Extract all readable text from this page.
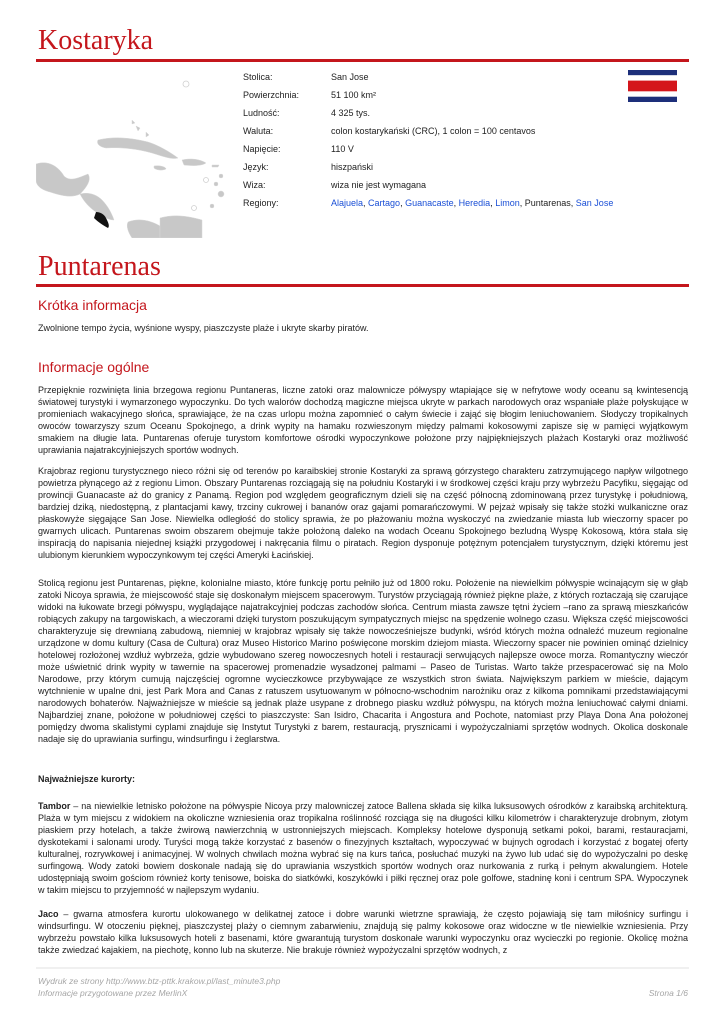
Kostaryka
Stolica:	San Jose
Powierzchnia:	51 100 km²
Ludność:	4 325 tys.
Waluta:	colon kostarykański (CRC), 1 colon = 100 centavos
Napięcie:	110 V
Język:	hiszpański
Wiza:	wiza nie jest wymagana
Regiony:	Alajuela, Cartago, Guanacaste, Heredia, Limon, Puntarenas, San Jose
Puntarenas
Krótka informacja

Zwolnione tempo życia, wyśnione wyspy, piaszczyste plaże i ukryte skarby piratów.

Informacje ogólne

Przepięknie rozwinięta linia brzegowa regionu Puntaneras, liczne zatoki oraz malownicze półwyspy wtapiające się w nefrytowe wody oceanu są kwintesencją światowej turystyki i wymarzonego wypoczynku. Do tych walorów dochodzą magiczne miejsca ukryte w parkach narodowych oraz wspaniałe plaże połyskujące w promieniach wakacyjnego słońca, sprawiające, że na czas urlopu można zapomnieć o całym świecie i zająć się błogim leniuchowaniem. Słodyczy tropikalnych owoców towarzyszy szum Oceanu Spokojnego, a drink wypity na hamaku rozwieszonym między palmami kokosowymi zapisze się w pamięci wyjątkowym smakiem na długie lata. Puntarenas oferuje turystom komfortowe ośrodki wypoczynkowe położone przy najpiękniejszych plażach Kostaryki oraz możliwość uprawiania najatrakcyjniejszych sportów wodnych.

Krajobraz regionu turystycznego nieco różni się od terenów po karaibskiej stronie Kostaryki za sprawą górzystego charakteru zatrzymującego napływ wilgotnego powietrza płynącego aż z regionu Limon. Obszary Puntarenas rozciągają się na południu Kostaryki i w środkowej części kraju przy wybrzeżu Pacyfiku, sięgając od prowincji Guanacaste aż do granicy z Panamą. Region pod względem geograficznym dzieli się na część północną zdominowaną przez turystykę i południową, bardziej dziką, niedostępną, z plantacjami kawy, trzciny cukrowej i bananów oraz gajami pomarańczowymi. W pejzaż wpisały się także stożki wulkaniczne oraz płaskowyże sięgające San Jose. Niewielka odległość do stolicy sprawia, że po płażowaniu można wyskoczyć na zwiedzanie miasta lub wieczorny spacer po gwarnych ulicach. Puntarenas swoim obszarem obejmuje także położoną daleko na wodach Oceanu Spokojnego bezludną Wyspę Kokosową, która stała się inspiracją do napisania niejednej książki przygodowej i nakręcania filmu o piratach. Region dysponuje potężnym potencjałem turystycznym, dzięki któremu jest ulubionym kierunkiem wypoczynkowym tej części Ameryki Łacińskiej.

Stolicą regionu jest Puntarenas, piękne, kolonialne miasto, które funkcję portu pełniło już od 1800 roku. Położenie na niewielkim półwyspie wcinającym się w głąb zatoki Nicoya sprawia, że miejscowość staje się doskonałym miejscem spacerowym. Turystów przyciągają również piękne plaże, z których roztaczają się czarujące widoki na łukowate brzegi półwyspu, wyglądające najatrakcyjniej podczas zachodów słońca. Centrum miasta zawsze tętni życiem –rano za sprawą mieszkańców robiących zakupy na targowiskach, a wieczorami dzięki turystom poszukującym sympatycznych miejsc na spędzenie wolnego czasu. Większa część miejscowości charakteryzuje się drewnianą zabudową, niemniej w krajobraz wpisały się także nowocześniejsze budynki, wśród których można odnaleźć muzeum regionalne urządzone w domu kultury (Casa de Cultura) oraz Museo Historico Marino poświęcone morskim dziejom miasta. Wieczorny spacer nie powinien ominąć dzielnicy hotelowej rozłożonej wzdłuż wybrzeża, gdzie wybudowano szereg nowoczesnych hoteli i restauracji serwujących najlepsze owoce morza. Romantyczny wieczór może uświetnić drink wypity w tawernie na spacerowej promenadzie wysadzonej palmami – Paseo de Turistas. Warto także przespacerować się na Molo Narodowe, przy którym cumują najczęściej ogromne wycieczkowce przybywające ze wszystkich stron świata. Największym parkiem w mieście, dającym wytchnienie w upalne dni, jest Park Mora and Canas z ratuszem usytuowanym w północno-wschodnim narożniku oraz z kilkoma pomnikami przedstawiającymi narodowych bohaterów. Najważniejsze w mieście są jednak plaże usypane z drobnego piasku wzdłuż półwyspu, na których można leniuchować całymi dniami. Najbardziej znane, położone w południowej części to piaszczyste: San Isidro, Chacarita i Angostura and Pochote, natomiast przy Playa Dona Ana położonej pomiędzy dwoma skalistymi cyplami znajduje się Instytut Turystyki z barem, restauracją, prysznicami i wypożyczalniami sprzętów wodnych. Okolica doskonale nadaje się do uprawiania surfingu, windsurfingu i żeglarstwa.

Najważniejsze kurorty:

Tambor – na niewielkie letnisko położone na półwyspie Nicoya przy malowniczej zatoce Ballena składa się kilka luksusowych ośrodków z karaibską architekturą. Plaża w tym miejscu z widokiem na okoliczne wzniesienia oraz tropikalna roślinność rozciąga się na długości kilku kilometrów i charakteryzuje drobnym, złotym piaskiem przy hotelach, a także żwirową nawierzchnią w ustronniejszych miejscach. Kompleksy hotelowe dysponują setkami pokoi, barami, restauracjami, dyskotekami i salonami urody. Turyści mogą także korzystać z basenów o finezyjnych kształtach, wypoczywać w bujnych ogrodach i korzystać z bogatej oferty kulturalnej, rozrywkowej i animacyjnej. W wolnych chwilach można wybrać się na kurs tańca, posłuchać muzyki na żywo lub udać się do wypożyczalni po deskę surfingową. Wody zatoki bowiem doskonale nadają się do uprawiania wszystkich sportów wodnych oraz nurkowania z rurką i pełnym akwalungiem. Hotele udostępniają swoim gościom również korty tenisowe, boiska do siatkówki, koszykówki i piłki ręcznej oraz pole golfowe, stadninę koni i centrum SPA. Wypoczynek w takim miejscu to przyjemność w najlepszym wydaniu.

Jaco – gwarna atmosfera kurortu ulokowanego w delikatnej zatoce i dobre warunki wietrzne sprawiają, że często pojawiają się tam miłośnicy surfingu i windsurfingu. W otoczeniu pięknej, piaszczystej plaży o ciemnym zabarwieniu, znajdują się palmy kokosowe oraz widoczne w tle niewielkie wzniesienia. Przy wybrzeżu powstało kilka luksusowych hoteli z basenami, które gwarantują turystom doskonałe warunki wypoczynku oraz wycieczki po regionie. Okolicę można także zwiedzać kajakiem, na piechotę, konno lub na skuterze. Nie brakuje również wypożyczalni sprzętów wodnych, z

Wydruk ze strony http://www.btz-pttk.krakow.pl/last_minute3.php
Informacje przygotowane przez MerlinX	Strona 1/6
